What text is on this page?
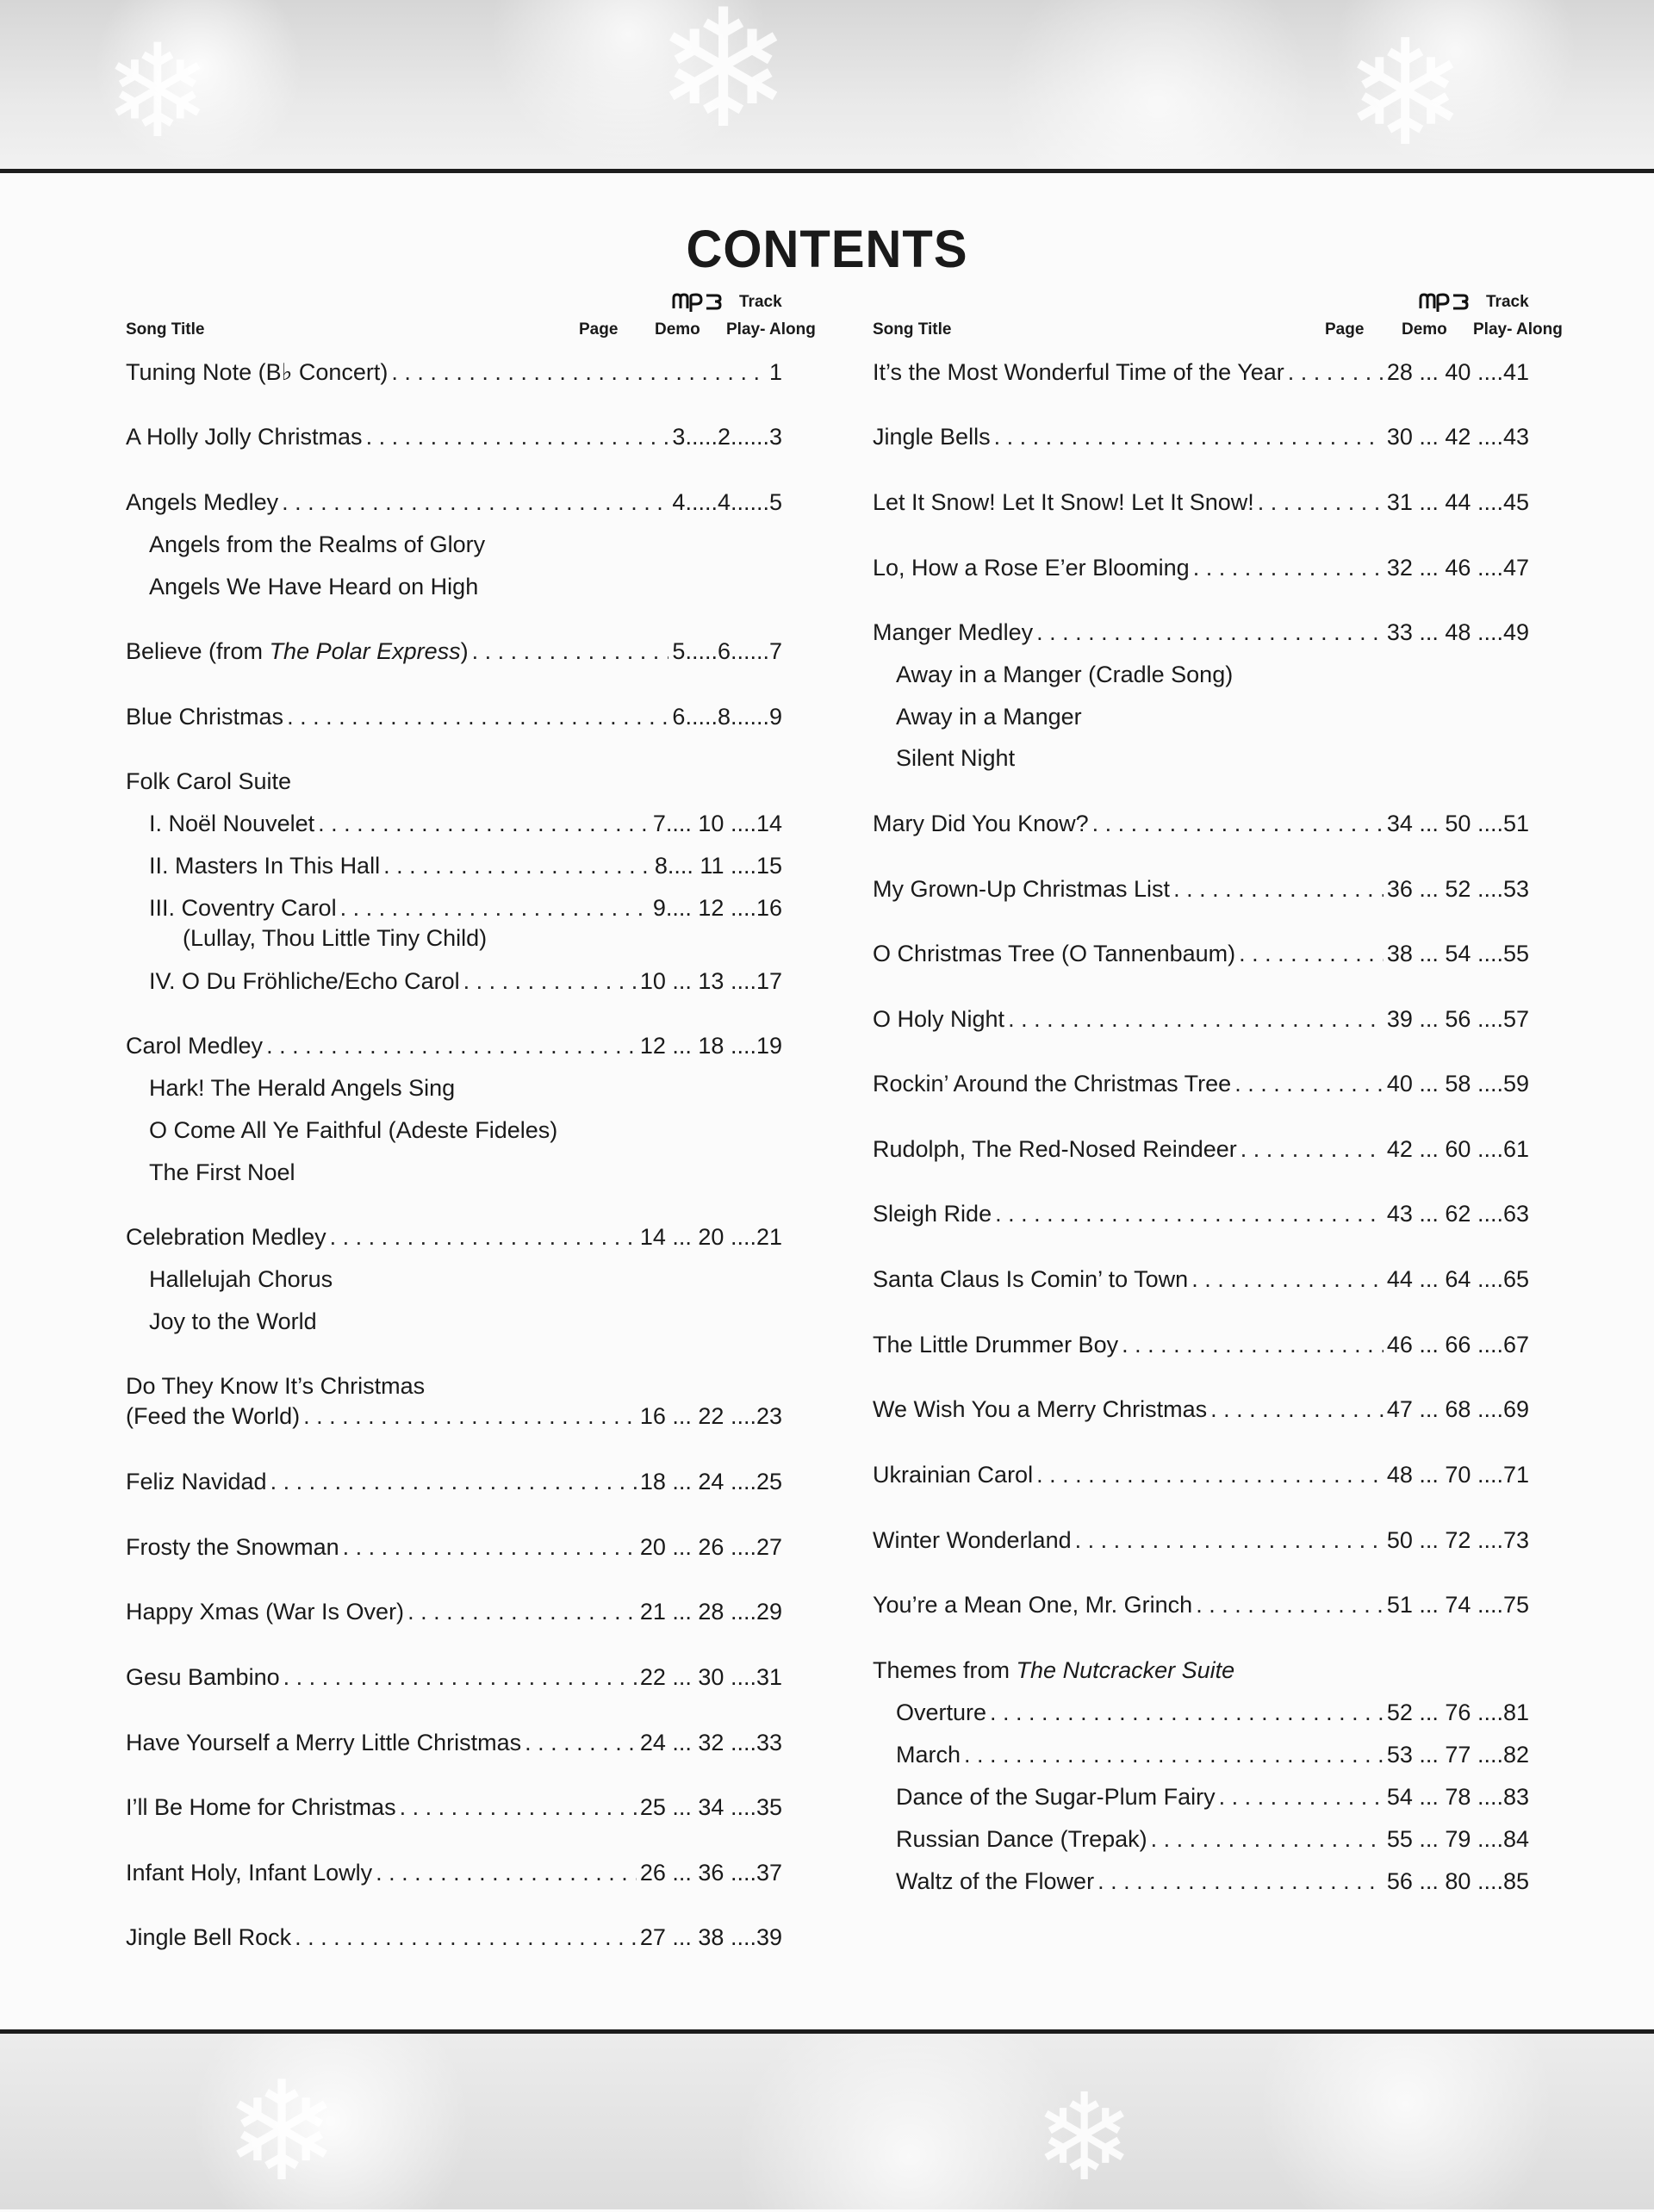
❄	❄	❄
CONTENTS
Track
Song Title	Page Demo Play- Along
Track
Song Title	Page Demo Play- Along
Tuning Note (B♭ Concert) . . .	1
A Holly Jolly Christmas . . .	3.....2......3
Angels Medley . . .	4.....4......5
Angels from the Realms of Glory
Angels We Have Heard on High
Believe (from The Polar Express) . . .	5.....6......7
Blue Christmas . . .	6.....8......9
Folk Carol Suite
I. Noël Nouvelet . . .	7.... 10 ....14
II. Masters In This Hall . . .	8.... 11 ....15
III. Coventry Carol . . .	9.... 12 ....16
(Lullay, Thou Little Tiny Child)
IV. O Du Fröhliche/Echo Carol . . .	10 ... 13 ....17
Carol Medley . . .	12 ... 18 ....19
Hark! The Herald Angels Sing
O Come All Ye Faithful (Adeste Fideles)
The First Noel
Celebration Medley . . .	14 ... 20 ....21
Hallelujah Chorus
Joy to the World
Do They Know It’s Christmas
(Feed the World) . . .	16 ... 22 ....23
Feliz Navidad . . .	18 ... 24 ....25
Frosty the Snowman . . .	20 ... 26 ....27
Happy Xmas (War Is Over) . . .	21 ... 28 ....29
Gesu Bambino . . .	22 ... 30 ....31
Have Yourself a Merry Little Christmas . . .	24 ... 32 ....33
I’ll Be Home for Christmas . . .	25 ... 34 ....35
Infant Holy, Infant Lowly . . .	26 ... 36 ....37
Jingle Bell Rock . . .	27 ... 38 ....39
It’s the Most Wonderful Time of the Year . . .	28 ... 40 ....41
Jingle Bells . . .	30 ... 42 ....43
Let It Snow! Let It Snow! Let It Snow! . . .	31 ... 44 ....45
Lo, How a Rose E’er Blooming . . .	32 ... 46 ....47
Manger Medley . . .	33 ... 48 ....49
Away in a Manger (Cradle Song)
Away in a Manger
Silent Night
Mary Did You Know? . . .	34 ... 50 ....51
My Grown-Up Christmas List . . .	36 ... 52 ....53
O Christmas Tree (O Tannenbaum) . . .	38 ... 54 ....55
O Holy Night . . .	39 ... 56 ....57
Rockin’ Around the Christmas Tree . . .	40 ... 58 ....59
Rudolph, The Red-Nosed Reindeer . . .	42 ... 60 ....61
Sleigh Ride . . .	43 ... 62 ....63
Santa Claus Is Comin’ to Town . . .	44 ... 64 ....65
The Little Drummer Boy . . .	46 ... 66 ....67
We Wish You a Merry Christmas . . .	47 ... 68 ....69
Ukrainian Carol . . .	48 ... 70 ....71
Winter Wonderland . . .	50 ... 72 ....73
You’re a Mean One, Mr. Grinch . . .	51 ... 74 ....75
Themes from The Nutcracker Suite
Overture . . .	52 ... 76 ....81
March . . .	53 ... 77 ....82
Dance of the Sugar-Plum Fairy . . .	54 ... 78 ....83
Russian Dance (Trepak) . . .	55 ... 79 ....84
Waltz of the Flower . . .	56 ... 80 ....85
❄	❄
